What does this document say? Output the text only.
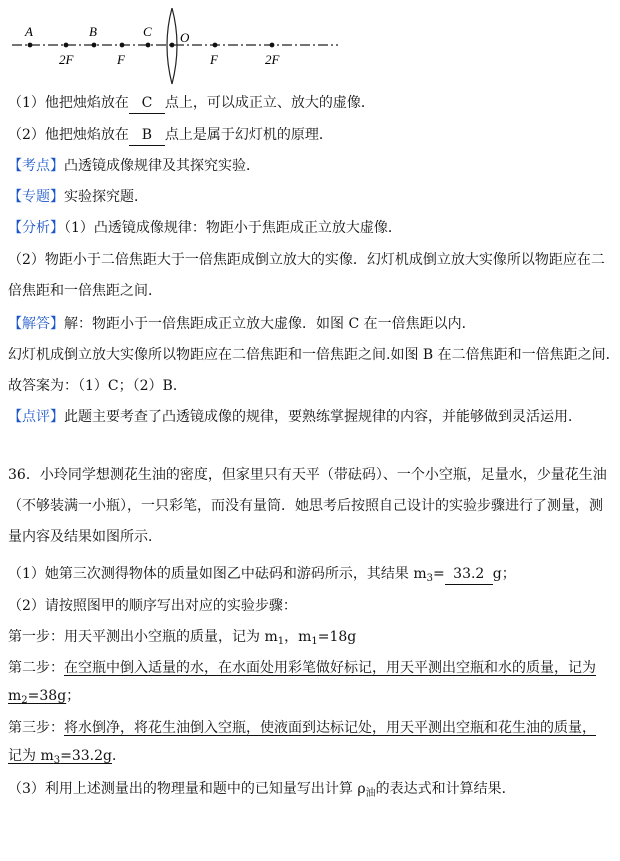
A	B	C O
2F	F	F	2F
（1）他把烛焰放在 C 点上，可以成正立、放大的虚像．
（2）他把烛焰放在 B 点上是属于幻灯机的原理．
【考点】凸透镜成像规律及其探究实验．
【专题】实验探究题．
【分析】（1）凸透镜成像规律：物距小于焦距成正立放大虚像．
（2）物距小于二倍焦距大于一倍焦距成倒立放大的实像．幻灯机成倒立放大实像所以物距应在二倍焦距和一倍焦距之间．
【解答】解：物距小于一倍焦距成正立放大虚像．如图 C 在一倍焦距以内．
幻灯机成倒立放大实像所以物距应在二倍焦距和一倍焦距之间.如图 B 在二倍焦距和一倍焦距之间．
故答案为：（1）C；（2）B．
【点评】此题主要考查了凸透镜成像的规律，要熟练掌握规律的内容，并能够做到灵活运用．
36．小玲同学想测花生油的密度，但家里只有天平（带砝码）、一个小空瓶，足量水，少量花生油（不够装满一小瓶），一只彩笔，而没有量筒．她思考后按照自己设计的实验步骤进行了测量，测量内容及结果如图所示．
（1）她第三次测得物体的质量如图乙中砝码和游码所示，其结果 $m_3= 33.2$ g；
（2）请按照图甲的顺序写出对应的实验步骤：
第一步：用天平测出小空瓶的质量，记为 $m_1$，$m_1=18g$
第二步：在空瓶中倒入适量的水，在水面处用彩笔做好标记，用天平测出空瓶和水的质量，记为
$m_2=38g$；
第三步：将水倒净，将花生油倒入空瓶，使液面到达标记处，用天平测出空瓶和花生油的质量，
记为 $m_3=33.2g$．
（3）利用上述测量出的物理量和题中的已知量写出计算 $\rho_油$的表达式和计算结果．
